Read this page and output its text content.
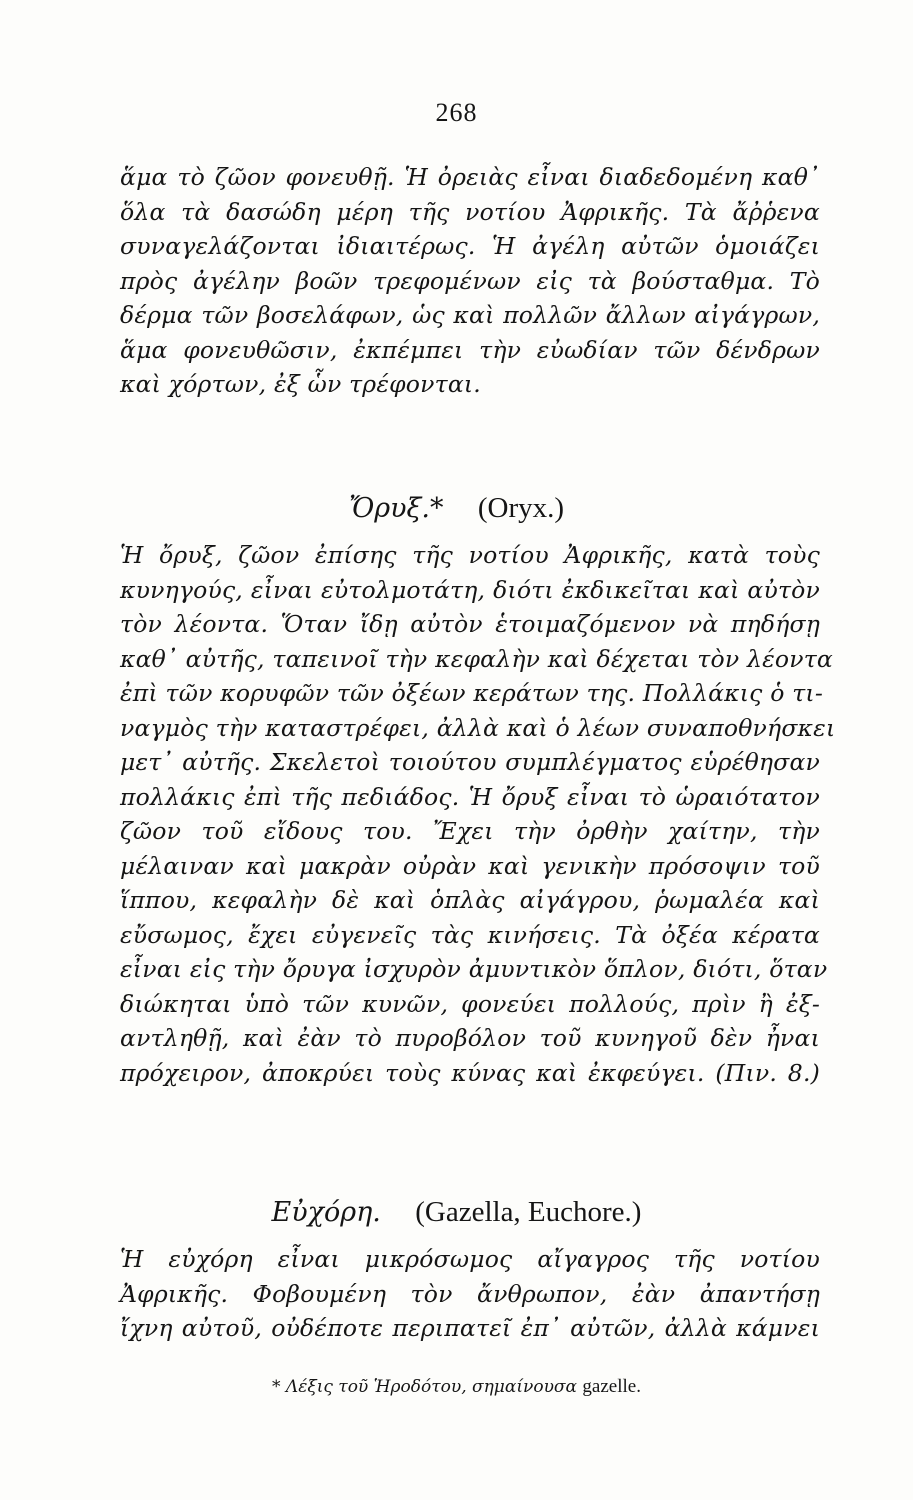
268
ἅμα τὸ ζῶον φονευθῇ. Ἡ ὀρειὰς εἶναι διαδεδομένη καθ᾽
ὅλα τὰ δασώδη μέρη τῆς νοτίου Ἀφρικῆς. Τὰ ἄῤῥενα
συναγελάζονται ἰδιαιτέρως. Ἡ ἀγέλη αὐτῶν ὁμοιάζει
πρὸς ἀγέλην βοῶν τρεφομένων εἰς τὰ βούσταθμα. Τὸ
δέρμα τῶν βοσελάφων, ὡς καὶ πολλῶν ἄλλων αἰγάγρων,
ἅμα φονευθῶσιν, ἐκπέμπει τὴν εὐωδίαν τῶν δένδρων
καὶ χόρτων, ἐξ ὧν τρέφονται.
Ὄρυξ.* (Oryx.)
Ἡ ὄρυξ, ζῶον ἐπίσης τῆς νοτίου Ἀφρικῆς, κατὰ τοὺς
κυνηγούς, εἶναι εὐτολμοτάτη, διότι ἐκδικεῖται καὶ αὐτὸν
τὸν λέοντα. Ὅταν ἴδῃ αὐτὸν ἑτοιμαζόμενον νὰ πηδήσῃ
καθ᾽ αὐτῆς, ταπεινοῖ τὴν κεφαλὴν καὶ δέχεται τὸν λέοντα
ἐπὶ τῶν κορυφῶν τῶν ὀξέων κεράτων της. Πολλάκις ὁ τι-
ναγμὸς τὴν καταστρέφει, ἀλλὰ καὶ ὁ λέων συναποθνήσκει
μετ᾽ αὐτῆς. Σκελετοὶ τοιούτου συμπλέγματος εὑρέθησαν
πολλάκις ἐπὶ τῆς πεδιάδος. Ἡ ὄρυξ εἶναι τὸ ὡραιότατον
ζῶον τοῦ εἴδους του. Ἔχει τὴν ὀρθὴν χαίτην, τὴν
μέλαιναν καὶ μακρὰν οὐρὰν καὶ γενικὴν πρόσοψιν τοῦ
ἵππου, κεφαλὴν δὲ καὶ ὁπλὰς αἰγάγρου, ῥωμαλέα καὶ
εὔσωμος, ἔχει εὐγενεῖς τὰς κινήσεις. Τὰ ὀξέα κέρατα
εἶναι εἰς τὴν ὄρυγα ἰσχυρὸν ἀμυντικὸν ὅπλον, διότι, ὅταν
διώκηται ὑπὸ τῶν κυνῶν, φονεύει πολλούς, πρὶν ἢ ἐξ-
αντληθῇ, καὶ ἐὰν τὸ πυροβόλον τοῦ κυνηγοῦ δὲν ἦναι
πρόχειρον, ἀποκρύει τοὺς κύνας καὶ ἐκφεύγει. (Πιν. 8.)
Εὐχόρη. (Gazella, Euchore.)
Ἡ εὐχόρη εἶναι μικρόσωμος αἴγαγρος τῆς νοτίου
Ἀφρικῆς. Φοβουμένη τὸν ἄνθρωπον, ἐὰν ἀπαντήσῃ
ἴχνη αὐτοῦ, οὐδέποτε περιπατεῖ ἐπ᾽ αὐτῶν, ἀλλὰ κάμνει
* Λέξις τοῦ Ἡροδότου, σημαίνουσα gazelle.
